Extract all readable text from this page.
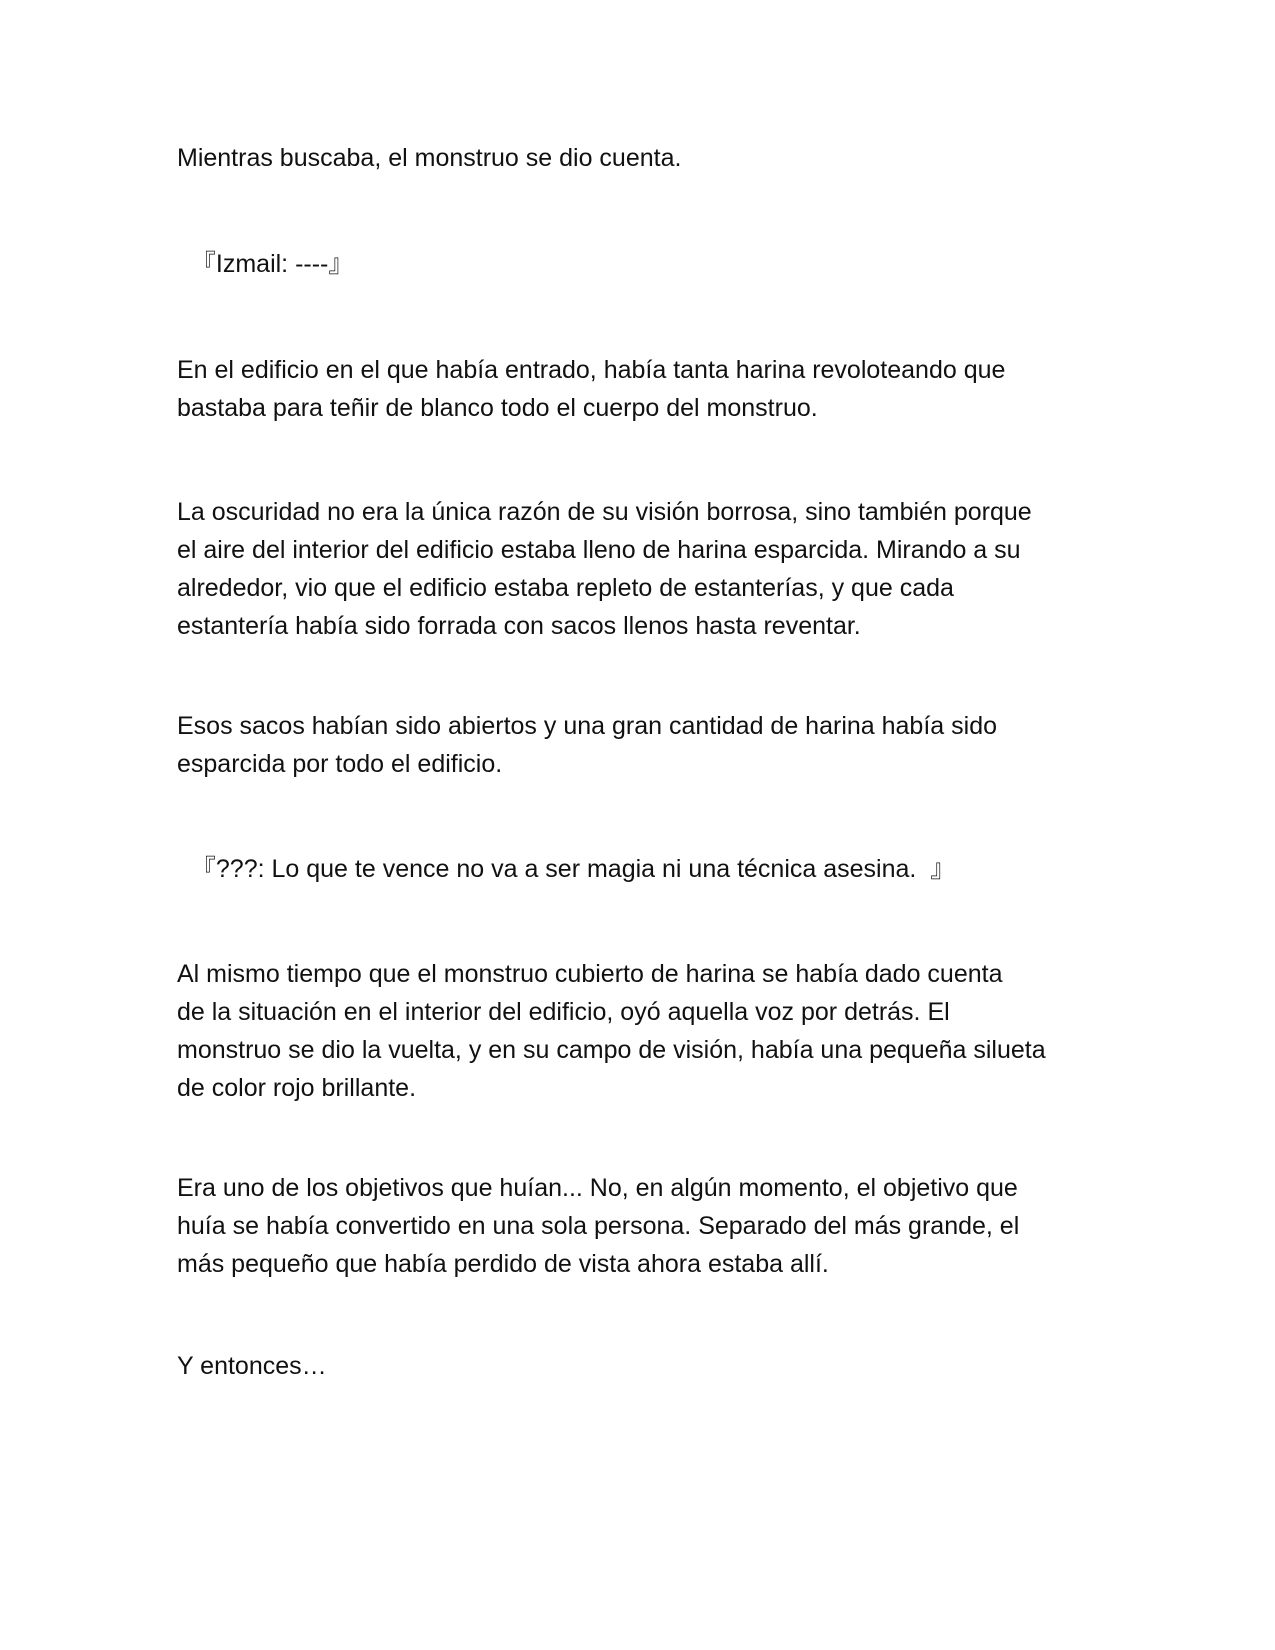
Mientras buscaba, el monstruo se dio cuenta.
『Izmail: ----』
En el edificio en el que había entrado, había tanta harina revoloteando que
bastaba para teñir de blanco todo el cuerpo del monstruo.
La oscuridad no era la única razón de su visión borrosa, sino también porque
el aire del interior del edificio estaba lleno de harina esparcida. Mirando a su
alrededor, vio que el edificio estaba repleto de estanterías, y que cada
estantería había sido forrada con sacos llenos hasta reventar.
Esos sacos habían sido abiertos y una gran cantidad de harina había sido
esparcida por todo el edificio.
『???: Lo que te vence no va a ser magia ni una técnica asesina.  』
Al mismo tiempo que el monstruo cubierto de harina se había dado cuenta
de la situación en el interior del edificio, oyó aquella voz por detrás. El
monstruo se dio la vuelta, y en su campo de visión, había una pequeña silueta
de color rojo brillante.
Era uno de los objetivos que huían... No, en algún momento, el objetivo que
huía se había convertido en una sola persona. Separado del más grande, el
más pequeño que había perdido de vista ahora estaba allí.
Y entonces…
